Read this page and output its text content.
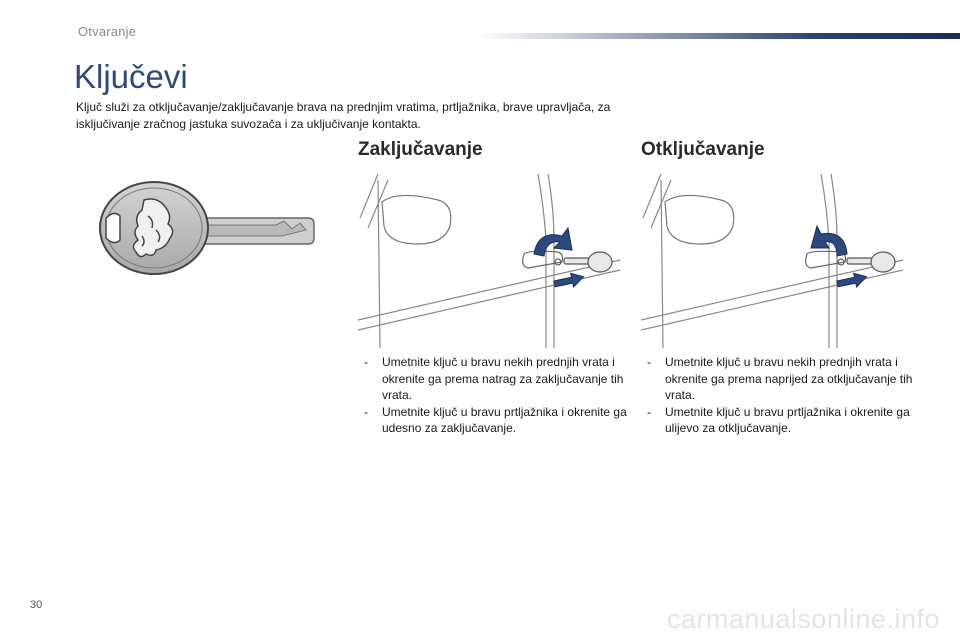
Otvaranje
Ključevi

Ključ služi za otključavanje/zaključavanje brava na prednjim vratima, prtljažnika, brave upravljača, za isključivanje zračnog jastuka suvozača i za uključivanje kontakta.

Zaključavanje	Otključavanje
- Umetnite ključ u bravu nekih prednjih vrata i okrenite ga prema natrag za zaključavanje tih vrata.
- Umetnite ključ u bravu prtljažnika i okrenite ga udesno za zaključavanje.
- Umetnite ključ u bravu nekih prednjih vrata i okrenite ga prema naprijed za otključavanje tih vrata.
- Umetnite ključ u bravu prtljažnika i okrenite ga ulijevo za otključavanje.
30	carmanualsonline.info
